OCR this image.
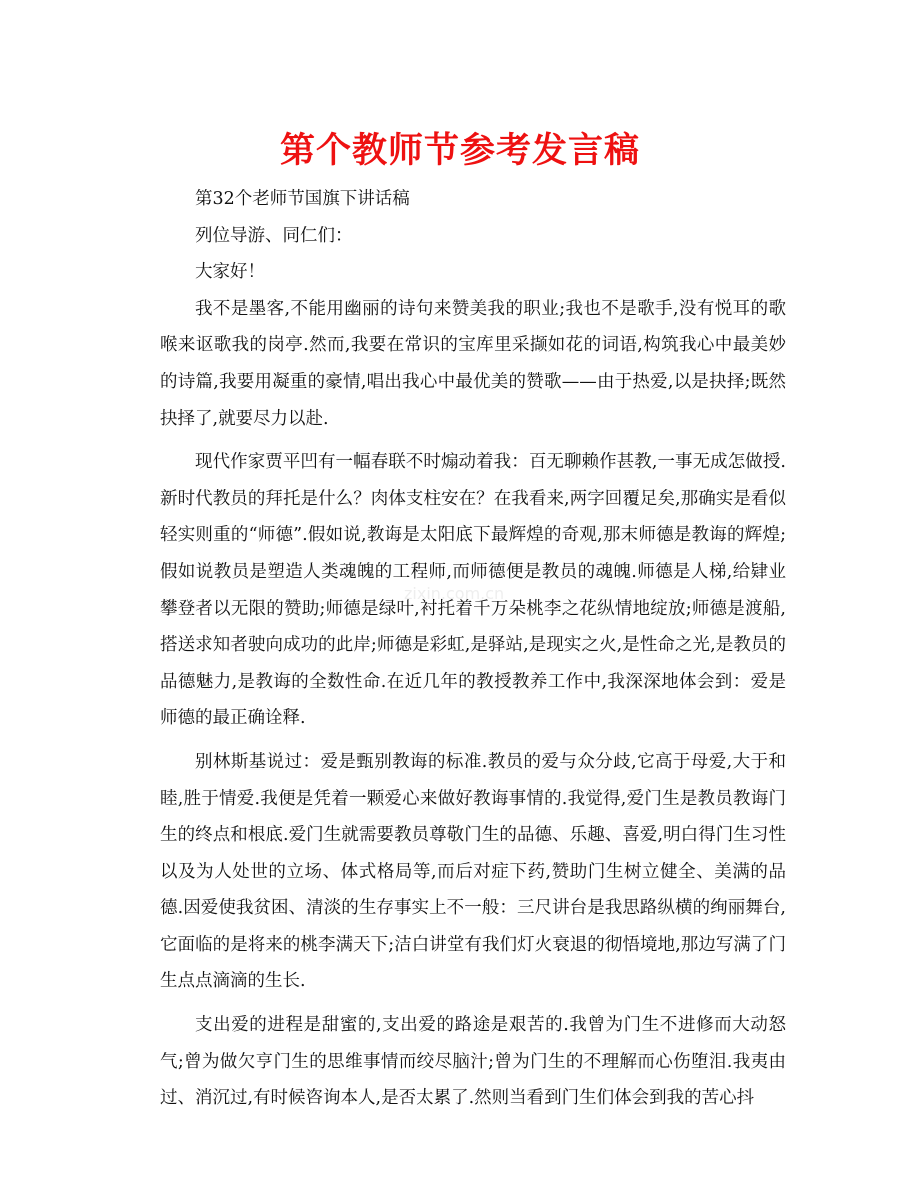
第个教师节参考发言稿

第32个老师节国旗下讲话稿

列位导游、同仁们：

大家好！

我不是墨客,不能用幽丽的诗句来赞美我的职业;我也不是歌手,没有悦耳的歌喉来讴歌我的岗亭.然而,我要在常识的宝库里采撷如花的词语,构筑我心中最美妙的诗篇,我要用凝重的豪情,唱出我心中最优美的赞歌——由于热爱,以是抉择;既然抉择了,就要尽力以赴.

现代作家贾平凹有一幅春联不时煽动着我：百无聊赖作甚教,一事无成怎做授.新时代教员的拜托是什么？肉体支柱安在？在我看来,两字回覆足矣,那确实是看似轻实则重的“师德”.假如说,教诲是太阳底下最辉煌的奇观,那末师德是教诲的辉煌;假如说教员是塑造人类魂魄的工程师,而师德便是教员的魂魄.师德是人梯,给肄业攀登者以无限的赞助;师德是绿叶,衬托着千万朵桃李之花纵情地绽放;师德是渡船,搭送求知者驶向成功的此岸;师德是彩虹,是驿站,是现实之火,是性命之光,是教员的品德魅力,是教诲的全数性命.在近几年的教授教养工作中,我深深地体会到：爱是师德的最正确诠释.

别林斯基说过：爱是甄别教诲的标准.教员的爱与众分歧,它高于母爱,大于和睦,胜于情爱.我便是凭着一颗爱心来做好教诲事情的.我觉得,爱门生是教员教诲门生的终点和根底.爱门生就需要教员尊敬门生的品德、乐趣、喜爱,明白得门生习性以及为人处世的立场、体式格局等,而后对症下药,赞助门生树立健全、美满的品德.因爱使我贫困、清淡的生存事实上不一般：三尺讲台是我思路纵横的绚丽舞台,它面临的是将来的桃李满天下;洁白讲堂有我们灯火衰退的彻悟境地,那边写满了门生点点滴滴的生长.

支出爱的进程是甜蜜的,支出爱的路途是艰苦的.我曾为门生不进修而大动怒气;曾为做欠亨门生的思维事情而绞尽脑汁;曾为门生的不理解而心伤堕泪.我夷由过、消沉过,有时候咨询本人,是否太累了.然则当看到门生们体会到我的苦心抖

zixin.com.cn
